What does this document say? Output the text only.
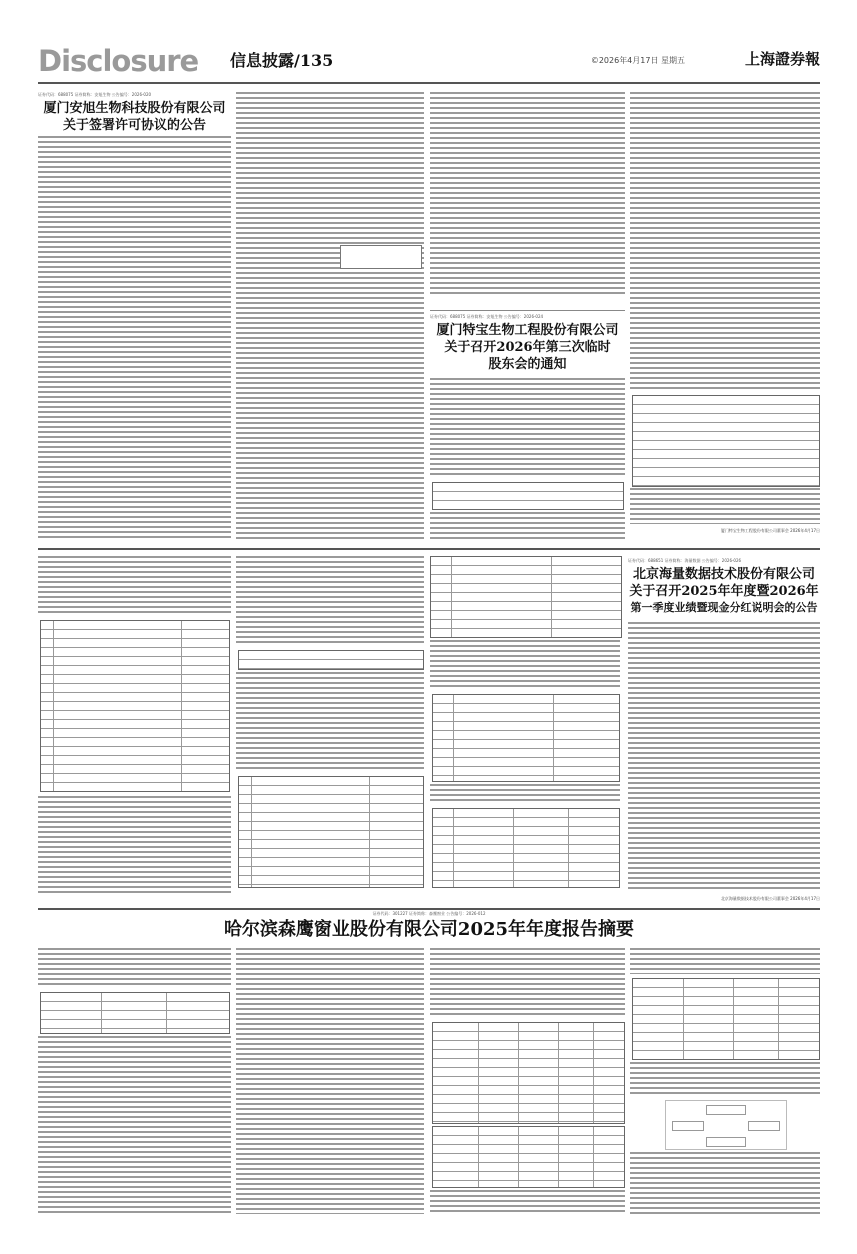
Disclosure 信息披露/135	©2026年4月17日 星期五	上海證券報
证券代码：688075 证券简称：安旭生物 公告编号：2026-020
厦门安旭生物科技股份有限公司
关于签署许可协议的公告
证券代码：688075 证券简称：安旭生物 公告编号：2026-024
厦门特宝生物工程股份有限公司
关于召开2026年第三次临时
股东会的通知
厦门特宝生物工程股份有限公司董事会 2026年4月17日
证券代码：688651 证券简称：海量数据 公告编号：2026-026
北京海量数据技术股份有限公司
关于召开2025年年度暨2026年
第一季度业绩暨现金分红说明会的公告
北京海量数据技术股份有限公司董事会 2026年4月17日
证券代码：301227 证券简称：森鹰窗业 公告编号：2026-012
哈尔滨森鹰窗业股份有限公司2025年年度报告摘要
